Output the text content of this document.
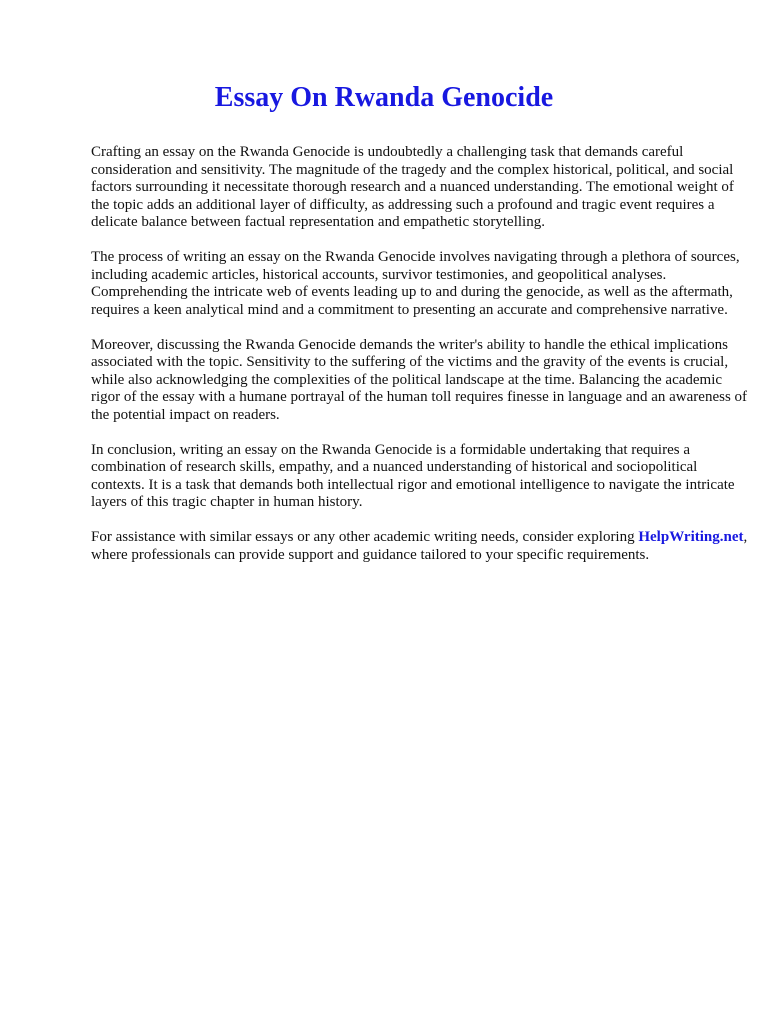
Essay On Rwanda Genocide

Crafting an essay on the Rwanda Genocide is undoubtedly a challenging task that demands careful consideration and sensitivity. The magnitude of the tragedy and the complex historical, political, and social factors surrounding it necessitate thorough research and a nuanced understanding. The emotional weight of the topic adds an additional layer of difficulty, as addressing such a profound and tragic event requires a delicate balance between factual representation and empathetic storytelling.

The process of writing an essay on the Rwanda Genocide involves navigating through a plethora of sources, including academic articles, historical accounts, survivor testimonies, and geopolitical analyses. Comprehending the intricate web of events leading up to and during the genocide, as well as the aftermath, requires a keen analytical mind and a commitment to presenting an accurate and comprehensive narrative.

Moreover, discussing the Rwanda Genocide demands the writer's ability to handle the ethical implications associated with the topic. Sensitivity to the suffering of the victims and the gravity of the events is crucial, while also acknowledging the complexities of the political landscape at the time. Balancing the academic rigor of the essay with a humane portrayal of the human toll requires finesse in language and an awareness of the potential impact on readers.

In conclusion, writing an essay on the Rwanda Genocide is a formidable undertaking that requires a combination of research skills, empathy, and a nuanced understanding of historical and sociopolitical contexts. It is a task that demands both intellectual rigor and emotional intelligence to navigate the intricate layers of this tragic chapter in human history.

For assistance with similar essays or any other academic writing needs, consider exploring HelpWriting.net, where professionals can provide support and guidance tailored to your specific requirements.
